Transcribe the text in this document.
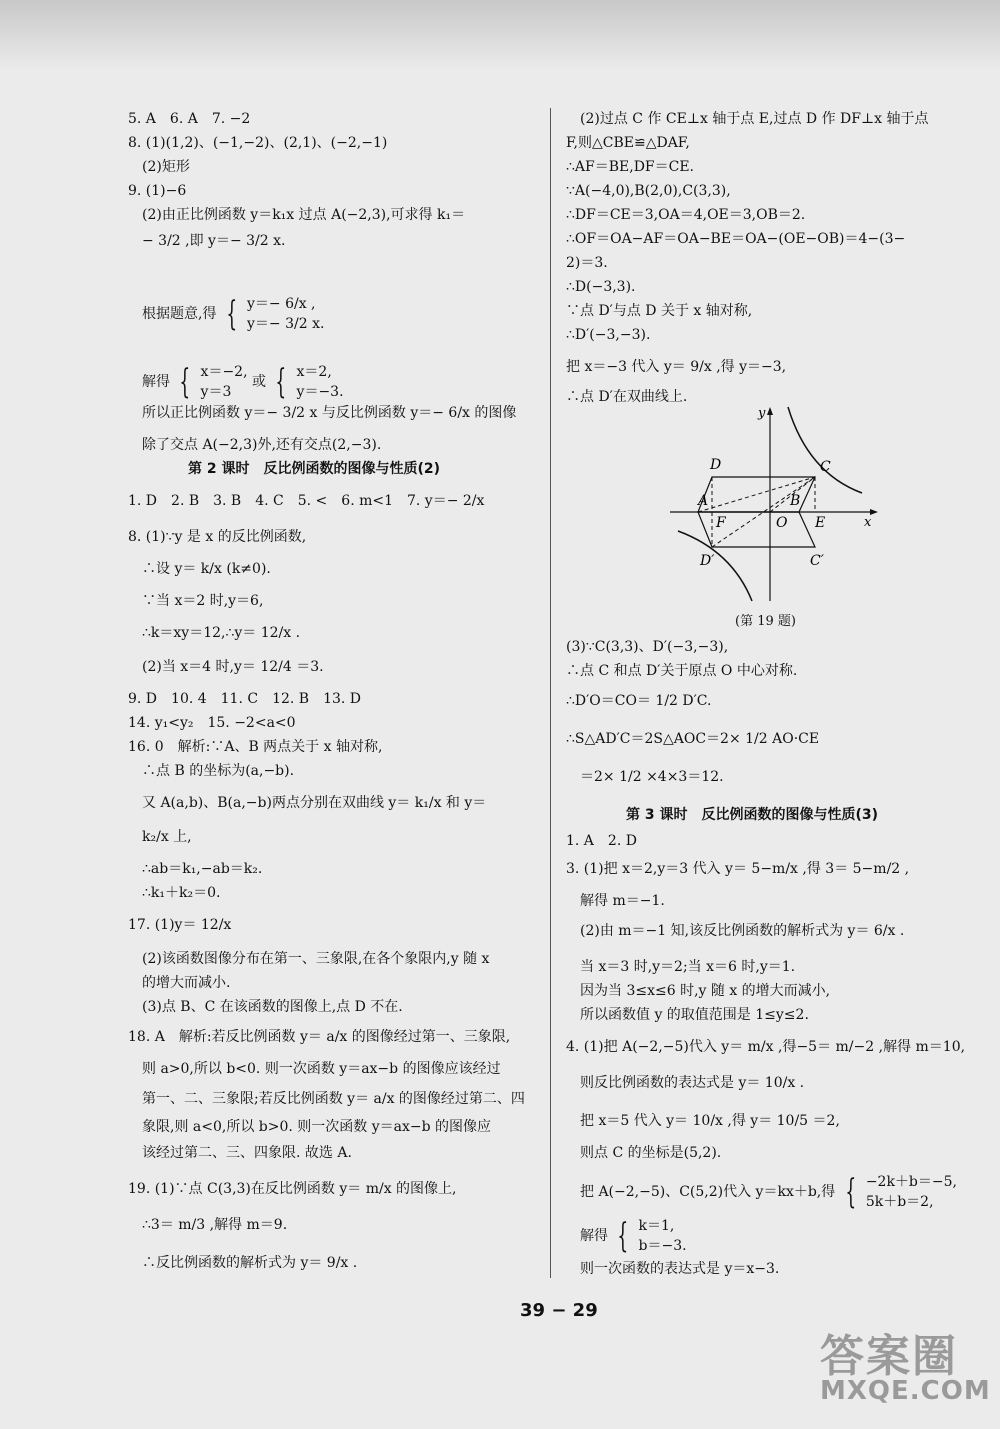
5. A　6. A　7. −2
8. (1)(1,2)、(−1,−2)、(2,1)、(−2,−1)
(2)矩形
9. (1)−6
(2)由正比例函数 y＝k₁x 过点 A(−2,3),可求得 k₁＝
− 3/2 ,即 y＝− 3/2 x.
根据题意,得 { y＝− 6/x ,
y＝− 3/2 x.
解得 { x＝−2,
y＝3
或 { x＝2,
y＝−3.
所以正比例函数 y＝− 3/2 x 与反比例函数 y＝− 6/x 的图像
除了交点 A(−2,3)外,还有交点(2,−3).
第 2 课时　反比例函数的图像与性质(2)
1. D　2. B　3. B　4. C　5. <　6. m<1　7. y＝− 2/x
8. (1)∵y 是 x 的反比例函数,
∴设 y＝ k/x (k≠0).
∵当 x＝2 时,y＝6,
∴k＝xy＝12,∴y＝ 12/x .
(2)当 x＝4 时,y＝ 12/4 ＝3.
9. D　10. 4　11. C　12. B　13. D
14. y₁<y₂　15. −2<a<0
16. 0　解析:∵A、B 两点关于 x 轴对称,
∴点 B 的坐标为(a,−b).
又 A(a,b)、B(a,−b)两点分别在双曲线 y＝ k₁/x 和 y＝
k₂/x 上,
∴ab＝k₁,−ab＝k₂.
∴k₁＋k₂＝0.
17. (1)y＝ 12/x
(2)该函数图像分布在第一、三象限,在各个象限内,y 随 x
的增大而减小.
(3)点 B、C 在该函数的图像上,点 D 不在.
18. A　解析:若反比例函数 y＝ a/x 的图像经过第一、三象限,
则 a>0,所以 b<0. 则一次函数 y＝ax−b 的图像应该经过
第一、二、三象限;若反比例函数 y＝ a/x 的图像经过第二、四
象限,则 a<0,所以 b>0. 则一次函数 y＝ax−b 的图像应
该经过第二、三、四象限. 故选 A.
19. (1)∵点 C(3,3)在反比例函数 y＝ m/x 的图像上,
∴3＝ m/3 ,解得 m＝9.
∴反比例函数的解析式为 y＝ 9/x .
(2)过点 C 作 CE⊥x 轴于点 E,过点 D 作 DF⊥x 轴于点
F,则△CBE≌△DAF,
∴AF＝BE,DF＝CE.
∵A(−4,0),B(2,0),C(3,3),
∴DF＝CE＝3,OA＝4,OE＝3,OB＝2.
∴OF＝OA−AF＝OA−BE＝OA−(OE−OB)＝4−(3−
2)＝3.
∴D(−3,3).
∵点 D′与点 D 关于 x 轴对称,
∴D′(−3,−3).
把 x＝−3 代入 y＝ 9/x ,得 y＝−3,
∴点 D′在双曲线上.
(3)∵C(3,3)、D′(−3,−3),
∴点 C 和点 D′关于原点 O 中心对称.
∴D′O＝CO＝ 1/2 D′C.
∴S△AD′C＝2S△AOC＝2× 1/2 AO·CE
＝2× 1/2 ×4×3＝12.
第 3 课时　反比例函数的图像与性质(3)
1. A　2. D
3. (1)把 x＝2,y＝3 代入 y＝ 5−m/x ,得 3＝ 5−m/2 ,
解得 m＝−1.
(2)由 m＝−1 知,该反比例函数的解析式为 y＝ 6/x .
当 x＝3 时,y＝2;当 x＝6 时,y＝1.
因为当 3≤x≤6 时,y 随 x 的增大而减小,
所以函数值 y 的取值范围是 1≤y≤2.
4. (1)把 A(−2,−5)代入 y＝ m/x ,得−5＝ m/−2 ,解得 m＝10,
则反比例函数的表达式是 y＝ 10/x .
把 x＝5 代入 y＝ 10/x ,得 y＝ 10/5 ＝2,
则点 C 的坐标是(5,2).
把 A(−2,−5)、C(5,2)代入 y＝kx＋b,得 { −2k＋b＝−5,
5k＋b＝2,
解得 { k＝1,
b＝−3.
则一次函数的表达式是 y＝x−3.
y
x
D	C
A	B
F	O E
D′	C′
(第 19 题)
39 − 29
答案圈
MXQE.COM
